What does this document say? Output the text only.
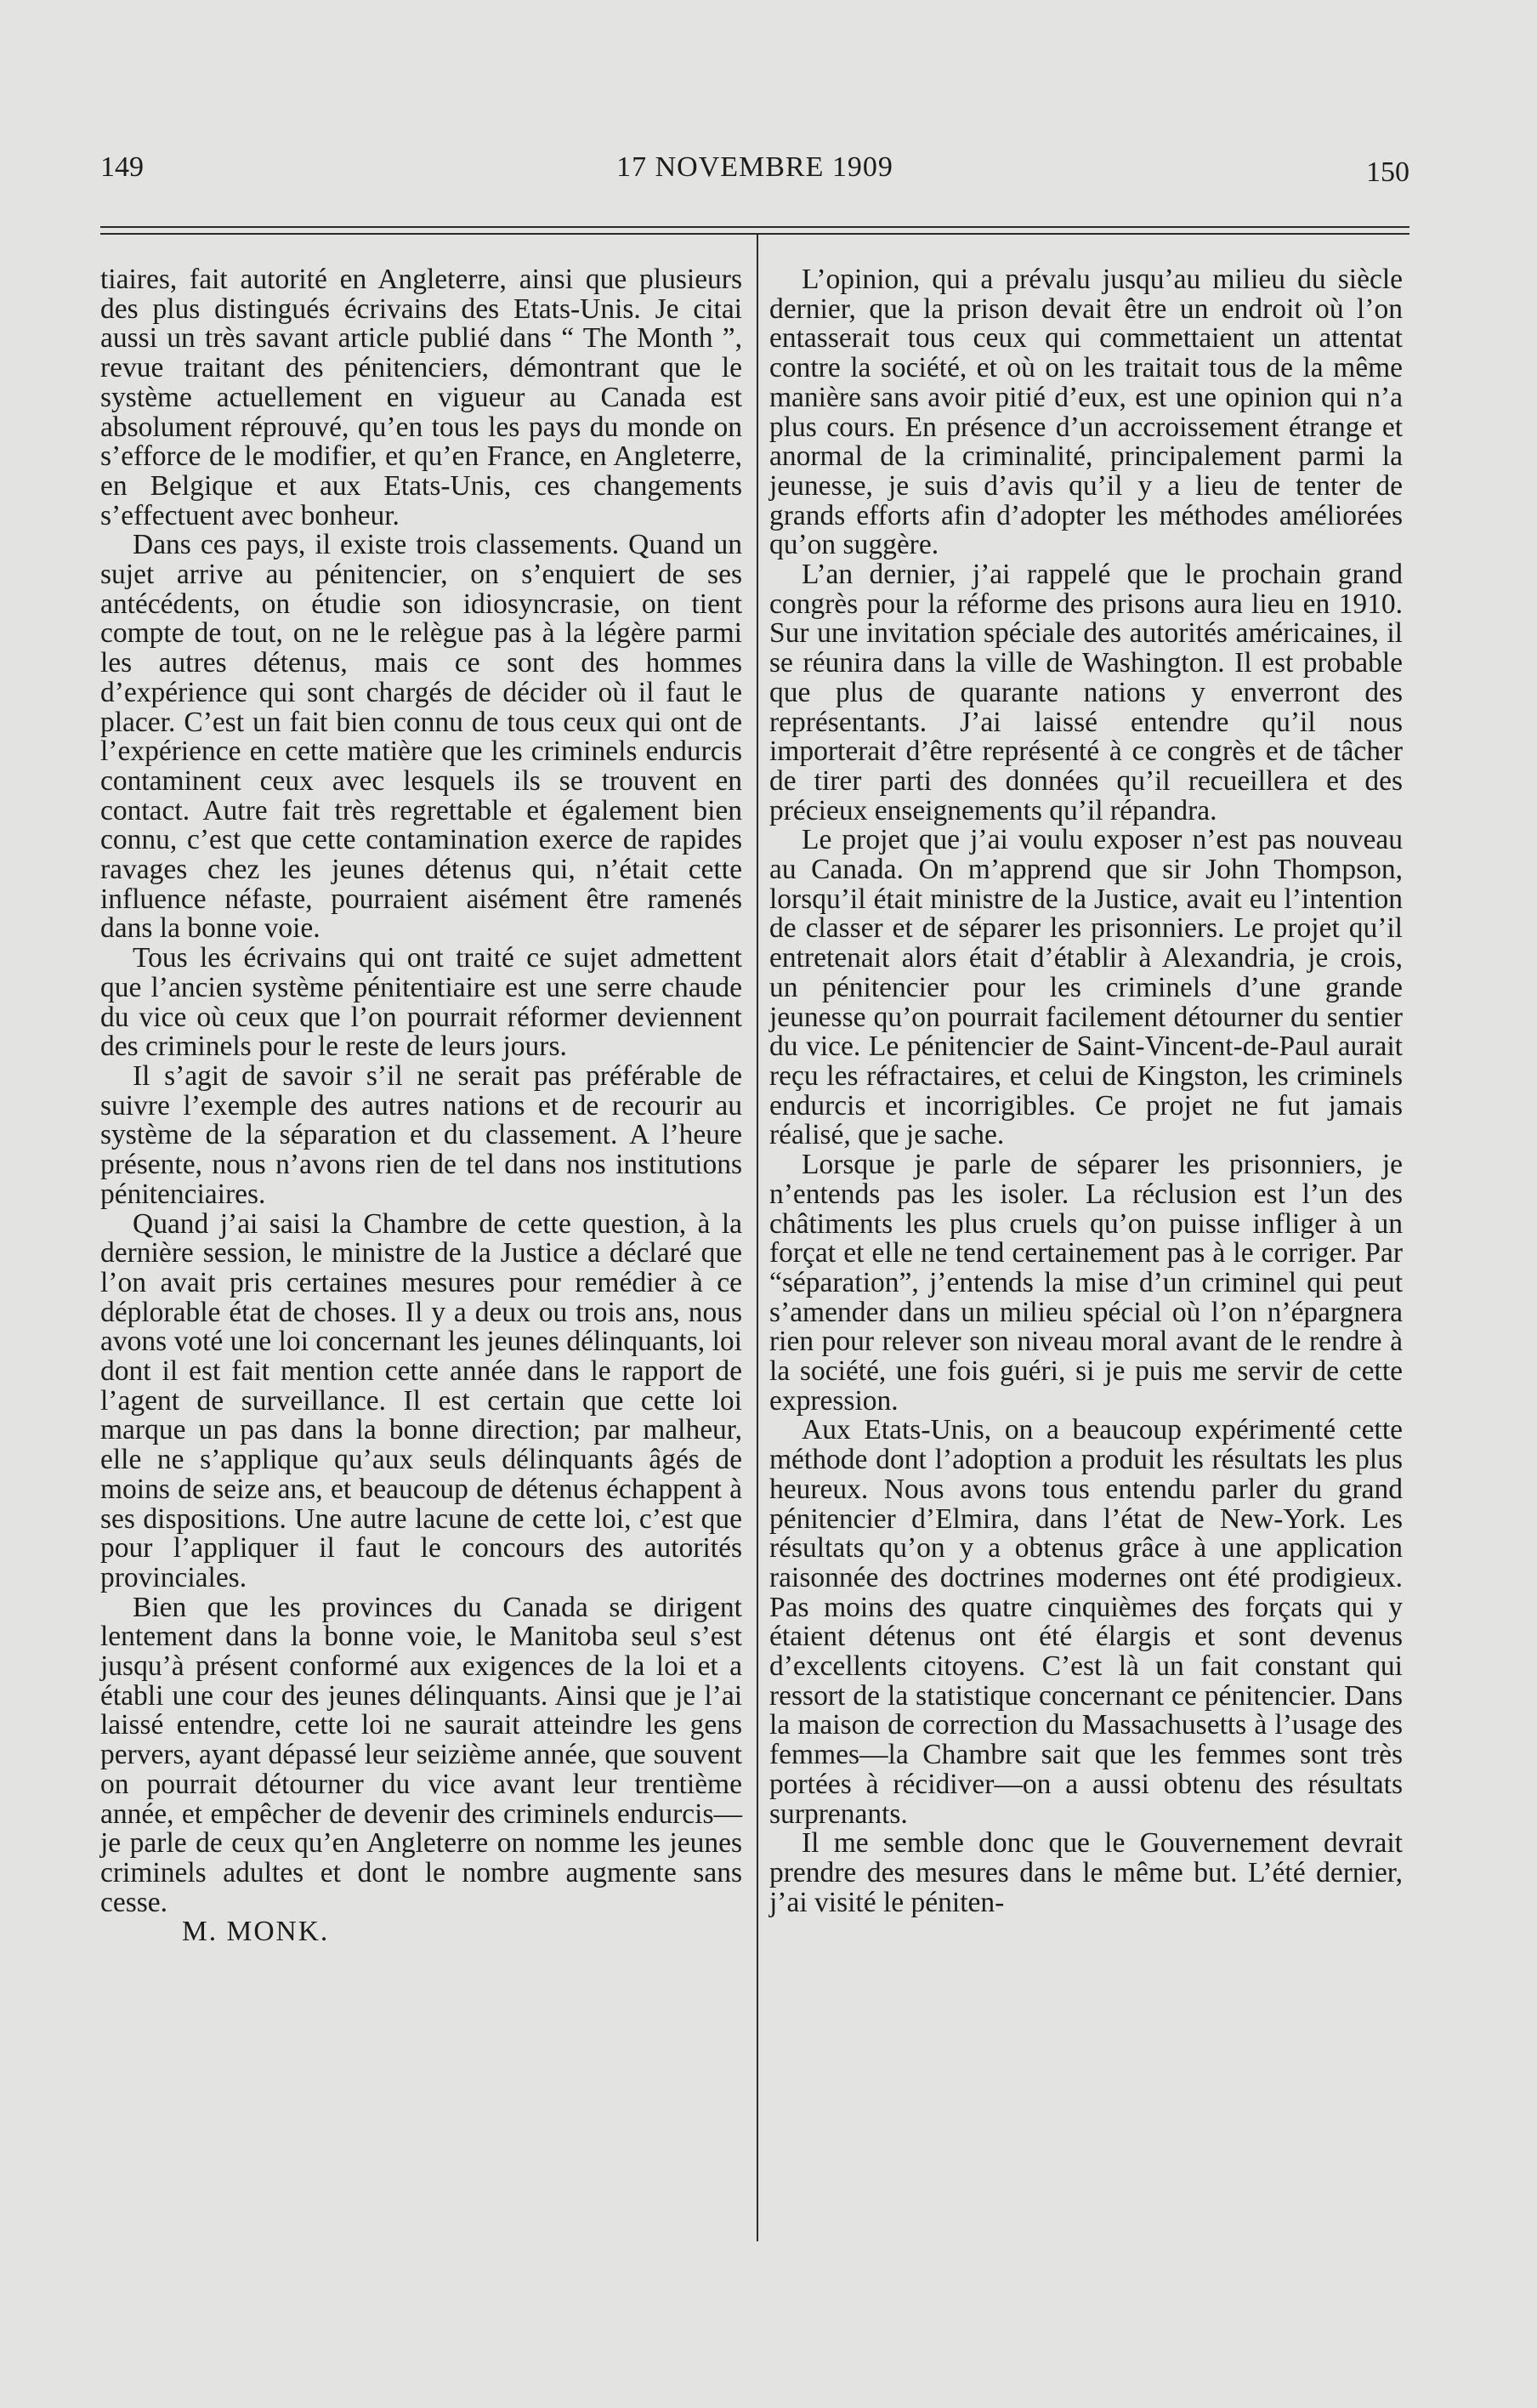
149	17 NOVEMBRE 1909	150

tiaires, fait autorité en Angleterre, ainsi que plusieurs des plus distingués écrivains des Etats-Unis. Je citai aussi un très savant article publié dans “ The Month ”, revue traitant des pénitenciers, démontrant que le système actuellement en vigueur au Canada est absolument réprouvé, qu’en tous les pays du monde on s’efforce de le modifier, et qu’en France, en Angleterre, en Belgique et aux Etats-Unis, ces changements s’effectuent avec bonheur.

Dans ces pays, il existe trois classements. Quand un sujet arrive au pénitencier, on s’enquiert de ses antécédents, on étudie son idiosyncrasie, on tient compte de tout, on ne le relègue pas à la légère parmi les autres détenus, mais ce sont des hommes d’expérience qui sont chargés de décider où il faut le placer. C’est un fait bien connu de tous ceux qui ont de l’expérience en cette matière que les criminels endurcis contaminent ceux avec lesquels ils se trouvent en contact. Autre fait très regrettable et également bien connu, c’est que cette contamination exerce de rapides ravages chez les jeunes détenus qui, n’était cette influence néfaste, pourraient aisément être ramenés dans la bonne voie.

Tous les écrivains qui ont traité ce sujet admettent que l’ancien système pénitentiaire est une serre chaude du vice où ceux que l’on pourrait réformer deviennent des criminels pour le reste de leurs jours.

Il s’agit de savoir s’il ne serait pas préférable de suivre l’exemple des autres nations et de recourir au système de la séparation et du classement. A l’heure présente, nous n’avons rien de tel dans nos institutions pénitenciaires.

Quand j’ai saisi la Chambre de cette question, à la dernière session, le ministre de la Justice a déclaré que l’on avait pris certaines mesures pour remédier à ce déplorable état de choses. Il y a deux ou trois ans, nous avons voté une loi concernant les jeunes délinquants, loi dont il est fait mention cette année dans le rapport de l’agent de surveillance. Il est certain que cette loi marque un pas dans la bonne direction; par malheur, elle ne s’applique qu’aux seuls délinquants âgés de moins de seize ans, et beaucoup de détenus échappent à ses dispositions. Une autre lacune de cette loi, c’est que pour l’appliquer il faut le concours des autorités provinciales.

Bien que les provinces du Canada se dirigent lentement dans la bonne voie, le Manitoba seul s’est jusqu’à présent conformé aux exigences de la loi et a établi une cour des jeunes délinquants. Ainsi que je l’ai laissé entendre, cette loi ne saurait atteindre les gens pervers, ayant dépassé leur seizième année, que souvent on pourrait détourner du vice avant leur trentième année, et empêcher de devenir des criminels endurcis— je parle de ceux qu’en Angleterre on nomme les jeunes criminels adultes et dont le nombre augmente sans cesse.

M. MONK.

L’opinion, qui a prévalu jusqu’au milieu du siècle dernier, que la prison devait être un endroit où l’on entasserait tous ceux qui commettaient un attentat contre la société, et où on les traitait tous de la même manière sans avoir pitié d’eux, est une opinion qui n’a plus cours. En présence d’un accroissement étrange et anormal de la criminalité, principalement parmi la jeunesse, je suis d’avis qu’il y a lieu de tenter de grands efforts afin d’adopter les méthodes améliorées qu’on suggère.

L’an dernier, j’ai rappelé que le prochain grand congrès pour la réforme des prisons aura lieu en 1910. Sur une invitation spéciale des autorités américaines, il se réunira dans la ville de Washington. Il est probable que plus de quarante nations y enverront des représentants. J’ai laissé entendre qu’il nous importerait d’être représenté à ce congrès et de tâcher de tirer parti des données qu’il recueillera et des précieux enseignements qu’il répandra.

Le projet que j’ai voulu exposer n’est pas nouveau au Canada. On m’apprend que sir John Thompson, lorsqu’il était ministre de la Justice, avait eu l’intention de classer et de séparer les prisonniers. Le projet qu’il entretenait alors était d’établir à Alexandria, je crois, un pénitencier pour les criminels d’une grande jeunesse qu’on pourrait facilement détourner du sentier du vice. Le pénitencier de Saint-Vincent-de-Paul aurait reçu les réfractaires, et celui de Kingston, les criminels endurcis et incorrigibles. Ce projet ne fut jamais réalisé, que je sache.

Lorsque je parle de séparer les prisonniers, je n’entends pas les isoler. La réclusion est l’un des châtiments les plus cruels qu’on puisse infliger à un forçat et elle ne tend certainement pas à le corriger. Par “séparation”, j’entends la mise d’un criminel qui peut s’amender dans un milieu spécial où l’on n’épargnera rien pour relever son niveau moral avant de le rendre à la société, une fois guéri, si je puis me servir de cette expression.

Aux Etats-Unis, on a beaucoup expérimenté cette méthode dont l’adoption a produit les résultats les plus heureux. Nous avons tous entendu parler du grand pénitencier d’Elmira, dans l’état de New-York. Les résultats qu’on y a obtenus grâce à une application raisonnée des doctrines modernes ont été prodigieux. Pas moins des quatre cinquièmes des forçats qui y étaient détenus ont été élargis et sont devenus d’excellents citoyens. C’est là un fait constant qui ressort de la statistique concernant ce pénitencier. Dans la maison de correction du Massachusetts à l’usage des femmes—la Chambre sait que les femmes sont très portées à récidiver—on a aussi obtenu des résultats surprenants.

Il me semble donc que le Gouvernement devrait prendre des mesures dans le même but. L’été dernier, j’ai visité le péniten-
